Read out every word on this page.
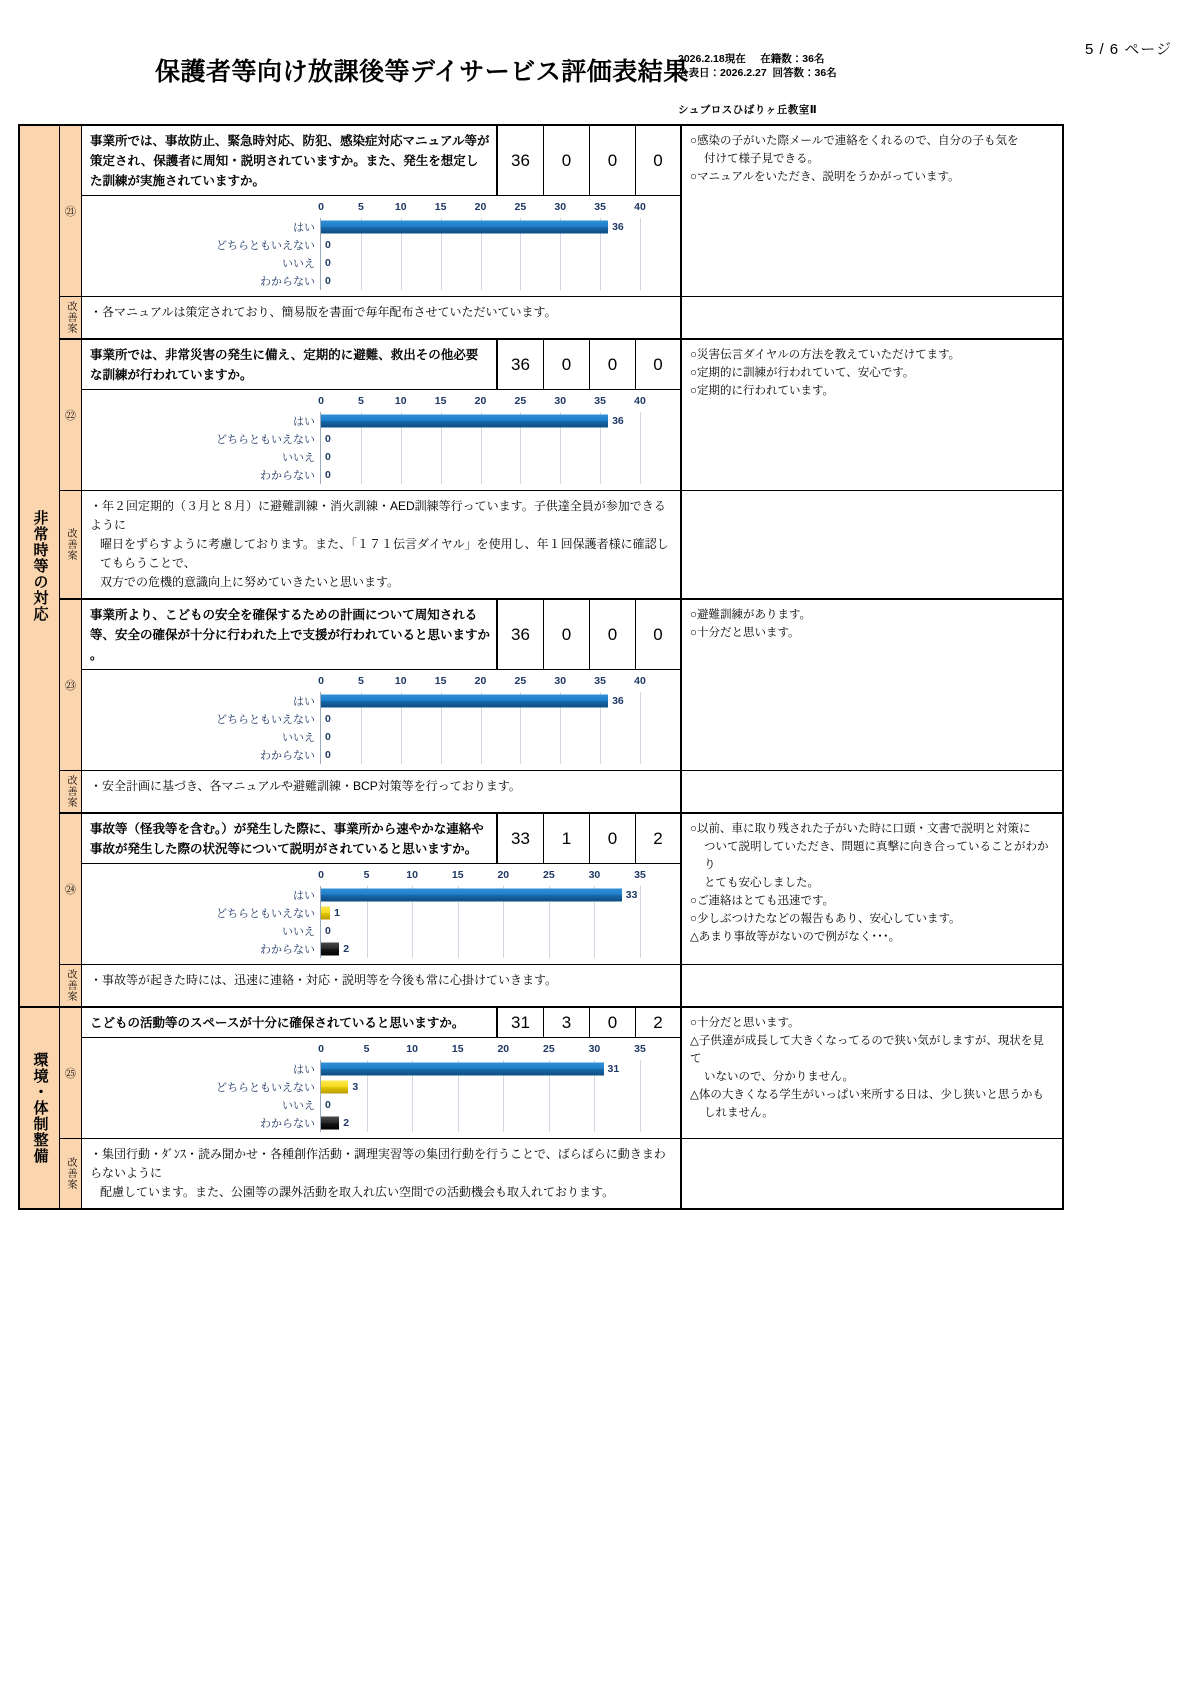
5 / 6 ページ
保護者等向け放課後等デイサービス評価表結果
2026.2.18現在     在籍数：36名
公表日：2026.2.27  回答数：36名
シュブロスひばりヶ丘教室Ⅱ
非常時等の対応
㉑
事業所では、事故防止、緊急時対応、防犯、感染症対応マニュアル等が策定され、保護者に周知・説明されていますか。また、発生を想定した訓練が実施されていますか。
36	0	0	0
0	5	10	15	20	25	30	35	40
はい	36
どちらともいえない 0
いいえ 0
わからない 0
○感染の子がいた際メールで連絡をくれるので、自分の子も気を
付けて様子見できる。
○マニュアルをいただき、説明をうかがっています。
改善案	・各マニュアルは策定されており、簡易版を書面で毎年配布させていただいています。
㉒
事業所では、非常災害の発生に備え、定期的に避難、救出その他必要な訓練が行われていますか。
36	0	0	0
0	5	10	15	20	25	30	35	40
はい	36
どちらともいえない 0
いいえ 0
わからない 0
○災害伝言ダイヤルの方法を教えていただけてます。
○定期的に訓練が行われていて、安心です。
○定期的に行われています。
改善案
・年２回定期的（３月と８月）に避難訓練・消火訓練・AED訓練等行っています。子供達全員が参加できるように
曜日をずらすように考慮しております。また、「１７１伝言ダイヤル」を使用し、年１回保護者様に確認してもらうことで、
双方での危機的意識向上に努めていきたいと思います。
㉓
事業所より、こどもの安全を確保するための計画について周知される等、安全の確保が十分に行われた上で支援が行われていると思いますか 。
36	0	0	0
0	5	10	15	20	25	30	35	40
はい	36
どちらともいえない 0
いいえ 0
わからない 0
○避難訓練があります。
○十分だと思います。
改善案	・安全計画に基づき、各マニュアルや避難訓練・BCP対策等を行っております。
㉔
事故等（怪我等を含む。）が発生した際に、事業所から速やかな連絡や事故が発生した際の状況等について説明がされていると思いますか。
33	1	0	2
0	5	10	15	20	25	30	35
はい	33
どちらともいえない 1
いいえ 0
わからない	2
○以前、車に取り残された子がいた時に口頭・文書で説明と対策に
ついて説明していただき、問題に真撃に向き合っていることがわかり
とても安心しました。
○ご連絡はとても迅速です。
○少しぶつけたなどの報告もあり、安心しています。
△あまり事故等がないので例がなく･･･。
改善案	・事故等が起きた時には、迅速に連絡・対応・説明等を今後も常に心掛けていきます。
環境・体制整備	㉕
こどもの活動等のスペースが十分に確保されていると思いますか。	31	3	0	2
0	5	10	15	20	25	30	35
はい	31
どちらともいえない	3
いいえ 0
わからない	2
○十分だと思います。
△子供達が成長して大きくなってるので狭い気がしますが、現状を見て
いないので、分かりません。
△体の大きくなる学生がいっぱい来所する日は、少し狭いと思うかも
しれません。
改善案
・集団行動・ﾀﾞﾝｽ・読み聞かせ・各種創作活動・調理実習等の集団行動を行うことで、ばらばらに動きまわらないように
配慮しています。また、公園等の課外活動を取入れ広い空間での活動機会も取入れております。
